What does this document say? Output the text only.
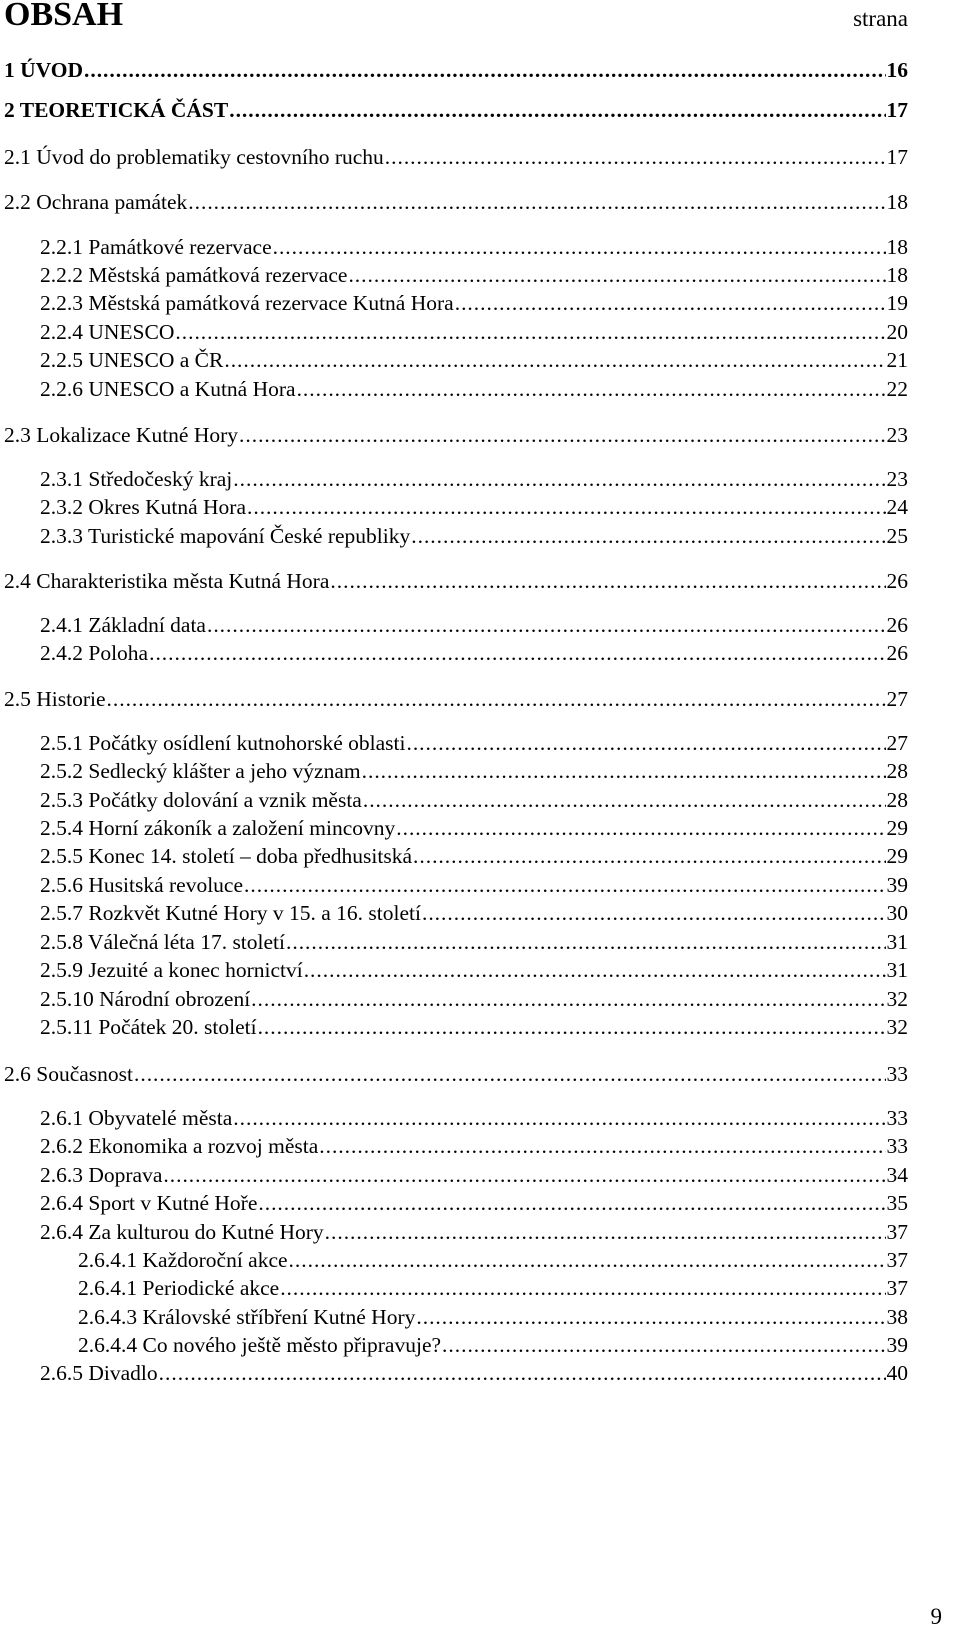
OBSAH	strana
1 ÚVOD . . .	16
2 TEORETICKÁ ČÁST . . .	17
2.1 Úvod do problematiky cestovního ruchu . . .	17
2.2 Ochrana památek . . .	18
2.2.1 Památkové rezervace . . .	18
2.2.2 Městská památková rezervace . . .	18
2.2.3 Městská památková rezervace Kutná Hora . . .	19
2.2.4 UNESCO . . .	20
2.2.5 UNESCO a ČR . . .	21
2.2.6 UNESCO a Kutná Hora . . .	22
2.3 Lokalizace Kutné Hory . . .	23
2.3.1 Středočeský kraj . . .	23
2.3.2 Okres Kutná Hora . . .	24
2.3.3 Turistické mapování České republiky . . .	25
2.4 Charakteristika města Kutná Hora . . .	26
2.4.1 Základní data . . .	26
2.4.2 Poloha . . .	26
2.5 Historie . . .	27
2.5.1 Počátky osídlení kutnohorské oblasti . . .	27
2.5.2 Sedlecký klášter a jeho význam . . .	28
2.5.3 Počátky dolování a vznik města . . .	28
2.5.4 Horní zákoník a založení mincovny . . .	29
2.5.5 Konec 14. století – doba předhusitská . . .	29
2.5.6 Husitská revoluce . . .	39
2.5.7 Rozkvět Kutné Hory v 15. a 16. století . . .	30
2.5.8 Válečná léta 17. století . . .	31
2.5.9 Jezuité a konec hornictví . . .	31
2.5.10 Národní obrození . . .	32
2.5.11 Počátek 20. století . . .	32
2.6 Současnost . . .	33
2.6.1 Obyvatelé města . . .	33
2.6.2 Ekonomika a rozvoj města . . .	33
2.6.3 Doprava . . .	34
2.6.4 Sport v Kutné Hoře . . .	35
2.6.4 Za kulturou do Kutné Hory . . .	37
2.6.4.1 Každoroční akce . . .	37
2.6.4.1 Periodické akce . . .	37
2.6.4.3 Královské stříbření Kutné Hory . . .	38
2.6.4.4 Co nového ještě město připravuje? . . .	39
2.6.5 Divadlo . . .	40
9
